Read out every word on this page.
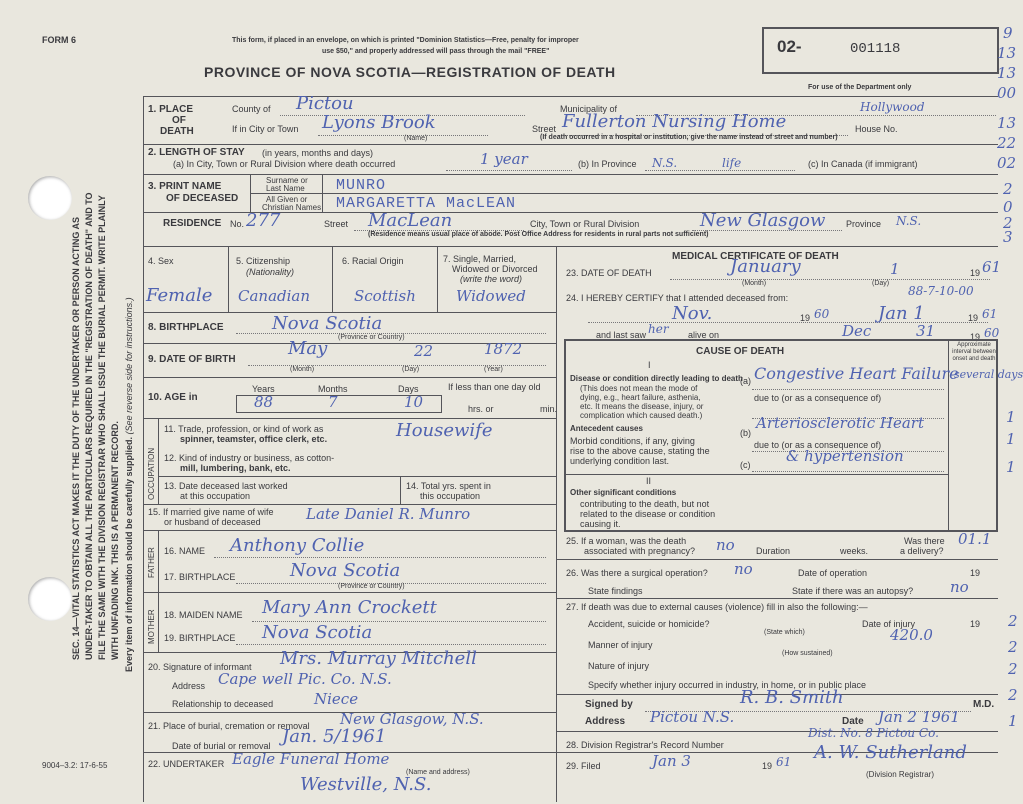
FORM 6
SEC. 14—VITAL STATISTICS ACT MAKES IT THE DUTY OF THE UNDERTAKER OR PERSON ACTING AS UNDER-TAKER TO OBTAIN ALL THE PARTICULARS REQUIRED IN THE "REGISTRATION OF DEATH" AND TO FILE THE SAME WITH THE DIVISION REGISTRAR WHO SHALL ISSUE THE BURIAL PERMIT. WRITE PLAINLY WITH UNFADING INK. THIS IS A PERMANENT RECORD. Every item of information should be carefully supplied. (See reverse side for instructions.)
This form, if placed in an envelope, on which is printed "Dominion Statistics—Free, penalty for improper
use $50," and properly addressed will pass through the mail "FREE"
PROVINCE OF NOVA SCOTIA—REGISTRATION OF DEATH
02-	001118
For use of the Department only
9
13
13
00
13
22
02
2
0
2
3
1
1
1
01.1
2
2
2
2
1
1. PLACE
OF
DEATH
County of Pictou	Municipality of	Hollywood
If in City or Town Lyons Brook
(Name)
Street Fullerton Nursing Home	House No.
(If death occurred in a hospital or institution, give the name instead of street and number)
2. LENGTH OF STAY (in years, months and days)
(a) In City, Town or Rural Division where death occurred	1 year	(b) In Province N.S.	life	(c) In Canada (if immigrant)
3. PRINT NAME
OF DECEASED
Surname or
Last Name MUNRO
All Given or
Christian Names MARGARETTA MacLEAN
RESIDENCE No. 277	Street MacLean	City, Town or Rural Division	New Glasgow Province N.S.
(Residence means usual place of abode. Post Office Address for residents in rural parts not sufficient)
4. Sex
Female
5. Citizenship
(Nationality)
Canadian
6. Racial Origin
Scottish
7. Single, Married,
Widowed or Divorced
(write the word)
Widowed
8. BIRTHPLACE	Nova Scotia
(Province or Country)
9. DATE OF BIRTH
May	22	1872
(Month)	(Day)	(Year)
10. AGE in
Years	Months	Days
88	7	10
If less than one day old
hrs. or	min.
OCCUPATION
11. Trade, profession, or kind of work as
spinner, teamster, office clerk, etc.	Housewife
12. Kind of industry or business, as cotton-
mill, lumbering, bank, etc.
13. Date deceased last worked
at this occupation
14. Total yrs. spent in
this occupation
15. If married give name of wife
or husband of deceased	Late Daniel R. Munro
FATHER 16. NAME Anthony Collie
17. BIRTHPLACE	Nova Scotia
(Province or Country)
MOTHER 18. MAIDEN NAME Mary Ann Crockett
19. BIRTHPLACE Nova Scotia
20. Signature of informant Mrs. Murray Mitchell
Address Cape well Pic. Co. N.S.
Relationship to deceased	Niece
21. Place of burial, cremation or removal New Glasgow, N.S.
Date of burial or removal Jan. 5/1961
22. UNDERTAKER Eagle Funeral Home
(Name and address)
Westville, N.S.
9004–3.2: 17-6-55
MEDICAL CERTIFICATE OF DEATH
23. DATE OF DEATH	January	1	19 61
(Month)	(Day)
24. I HEREBY CERTIFY that I attended deceased from:	88-7-10-00
Nov.	19 60	Jan 1	19 61
and last saw her alive on	Dec	31	19 60
CAUSE OF DEATH
Approximate interval between onset and death
I
Disease or condition directly leading to death
(This does not mean the mode of
dying, e.g., heart failure, asthenia,
etc. It means the disease, injury, or
complication which caused death.)
(a) Congestive Heart Failure
several days
due to (or as a consequence of)
Antecedent causes
Morbid conditions, if any, giving
rise to the above cause, stating the
underlying condition last.
(b)
Arteriosclerotic Heart
due to (or as a consequence of)
(c) & hypertension
II
Other significant conditions
contributing to the death, but not
related to the disease or condition
causing it.
25. If a woman, was the death
associated with pregnancy? no Duration	weeks.
Was there
a delivery?
26. Was there a surgical operation? no	Date of operation	19
State findings	State if there was an autopsy? no
27. If death was due to external causes (violence) fill in also the following:—
Accident, suicide or homicide?	Date of injury	19
(State which)
Manner of injury
420.0
(How sustained)
Nature of injury
Specify whether injury occurred in industry, in home, or in public place
Signed by	R. B. Smith	M.D.
Address Pictou N.S.	Date Jan 2 1961
28. Division Registrar's Record Number
Dist. No. 8 Pictou Co.
29. Filed	Jan 3	19 61 A. W. Sutherland
(Division Registrar)
